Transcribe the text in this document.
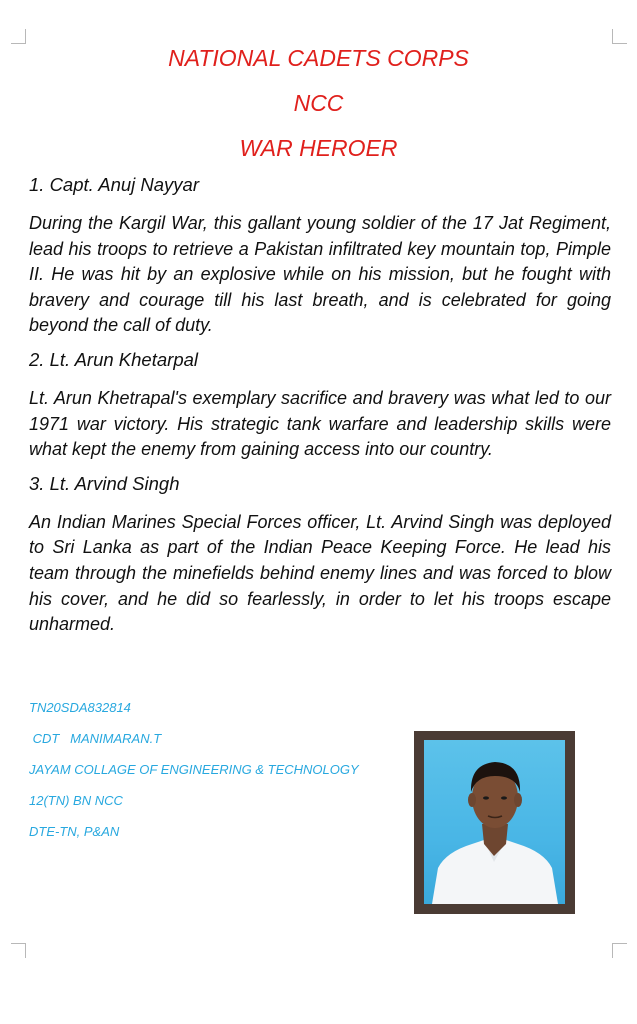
NATIONAL CADETS CORPS
NCC
WAR HEROER

1. Capt. Anuj Nayyar

During the Kargil War, this gallant young soldier of the 17 Jat Regiment, lead his troops to retrieve a Pakistan infiltrated key mountain top, Pimple II. He was hit by an explosive while on his mission, but he fought with bravery and courage till his last breath, and is celebrated for going beyond the call of duty.

2. Lt. Arun Khetarpal

Lt. Arun Khetrapal's exemplary sacrifice and bravery was what led to our 1971 war victory. His strategic tank warfare and leadership skills were what kept the enemy from gaining access into our country.

3. Lt. Arvind Singh

An Indian Marines Special Forces officer, Lt. Arvind Singh was deployed to Sri Lanka as part of the Indian Peace Keeping Force. He lead his team through the minefields behind enemy lines and was forced to blow his cover, and he did so fearlessly, in order to let his troops escape unharmed.

TN20SDA832814
CDT   MANIMARAN.T
JAYAM COLLAGE OF ENGINEERING & TECHNOLOGY
12(TN) BN NCC
DTE-TN, P&AN
